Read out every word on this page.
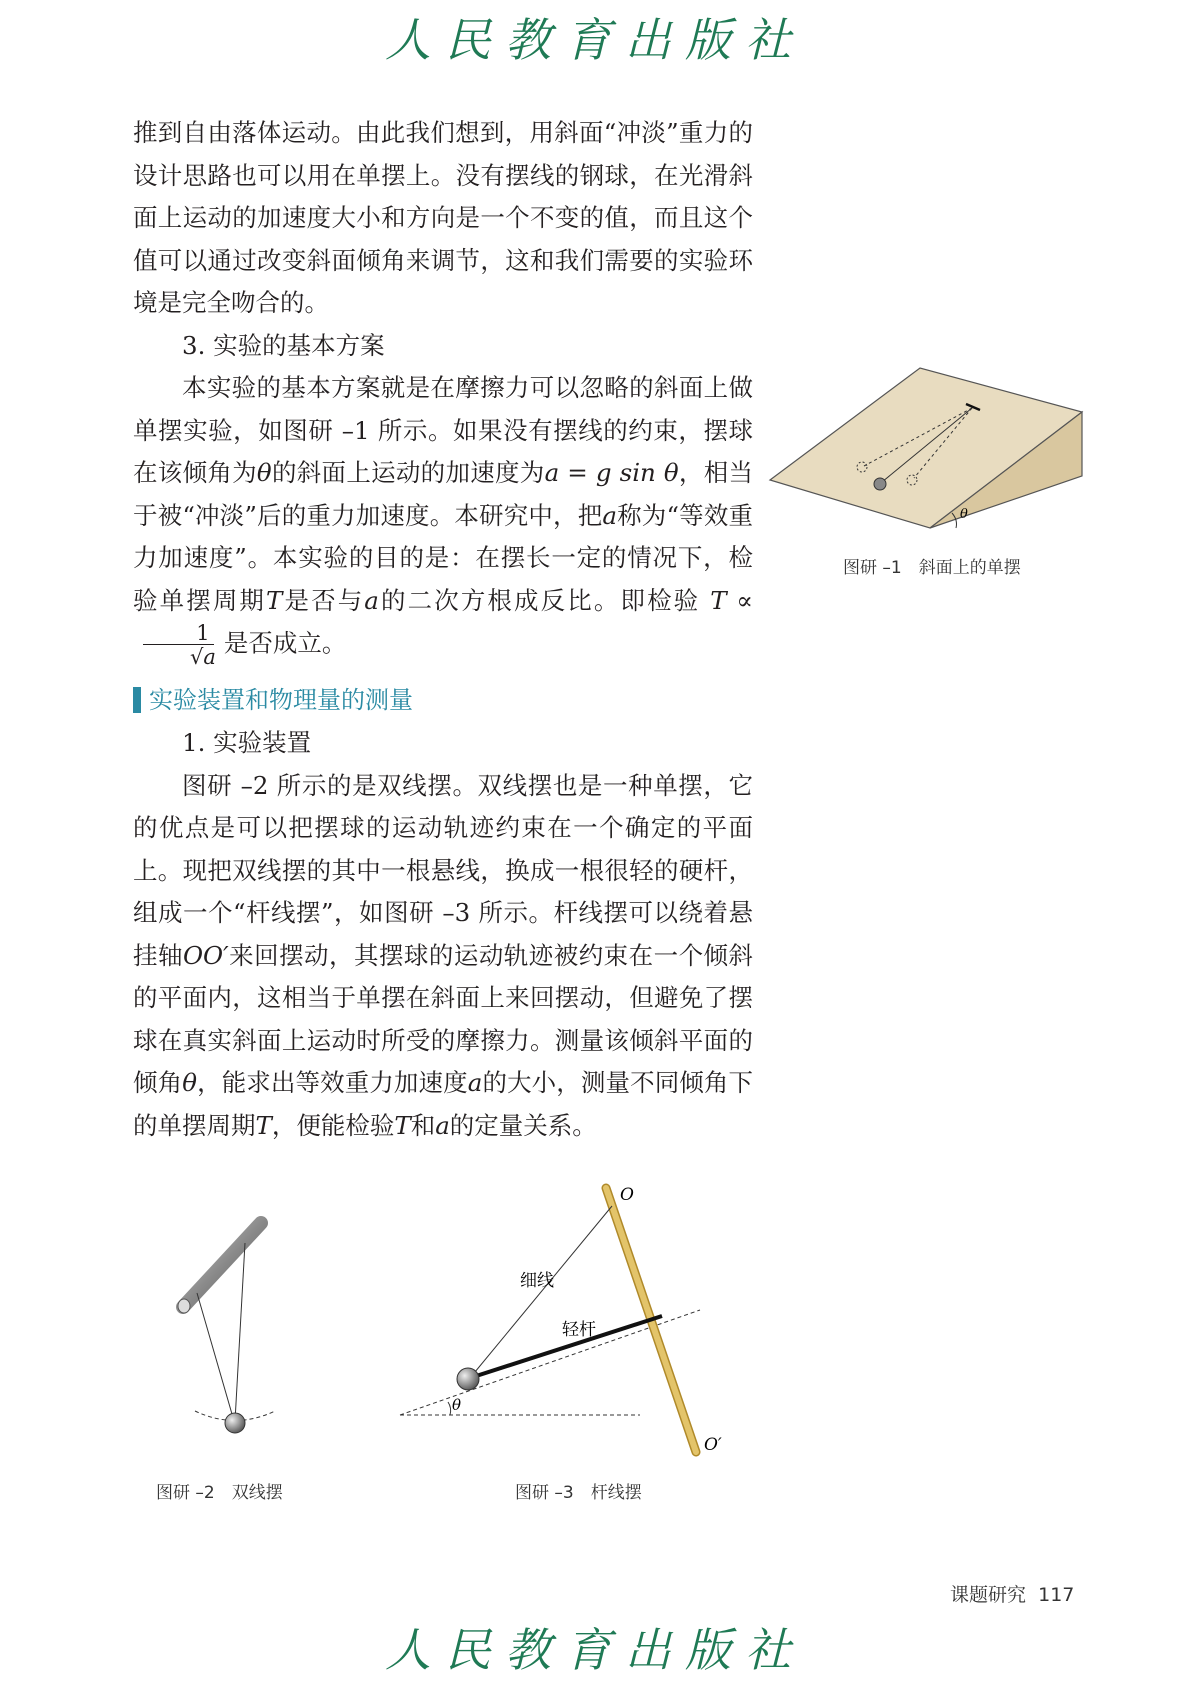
人民教育出版社

推到自由落体运动。由此我们想到，用斜面“冲淡”重力的设计思路也可以用在单摆上。没有摆线的钢球，在光滑斜面上运动的加速度大小和方向是一个不变的值，而且这个值可以通过改变斜面倾角来调节，这和我们需要的实验环境是完全吻合的。

3. 实验的基本方案

本实验的基本方案就是在摩擦力可以忽略的斜面上做单摆实验，如图研 –1 所示。如果没有摆线的约束，摆球在该倾角为θ的斜面上运动的加速度为a = g sin θ，相当于被“冲淡”后的重力加速度。本研究中，把a称为“等效重力加速度”。本实验的目的是：在摆长一定的情况下，检验单摆周期T是否与a的二次方根成反比。即检验 T ∝
$\frac{1}{√a}$ 是否成立。

实验装置和物理量的测量

1. 实验装置

图研 –2 所示的是双线摆。双线摆也是一种单摆，它的优点是可以把摆球的运动轨迹约束在一个确定的平面上。现把双线摆的其中一根悬线，换成一根很轻的硬杆，组成一个“杆线摆”，如图研 –3 所示。杆线摆可以绕着悬挂轴OO′来回摆动，其摆球的运动轨迹被约束在一个倾斜的平面内，这相当于单摆在斜面上来回摆动，但避免了摆球在真实斜面上运动时所受的摩擦力。测量该倾斜平面的倾角θ，能求出等效重力加速度a的大小，测量不同倾角下的单摆周期T，便能检验T和a的定量关系。

θ
图研 –1　斜面上的单摆
图研 –2　双线摆
O
O′
细线
轻杆
θ
图研 –3　杆线摆
课题研究 117
人民教育出版社
